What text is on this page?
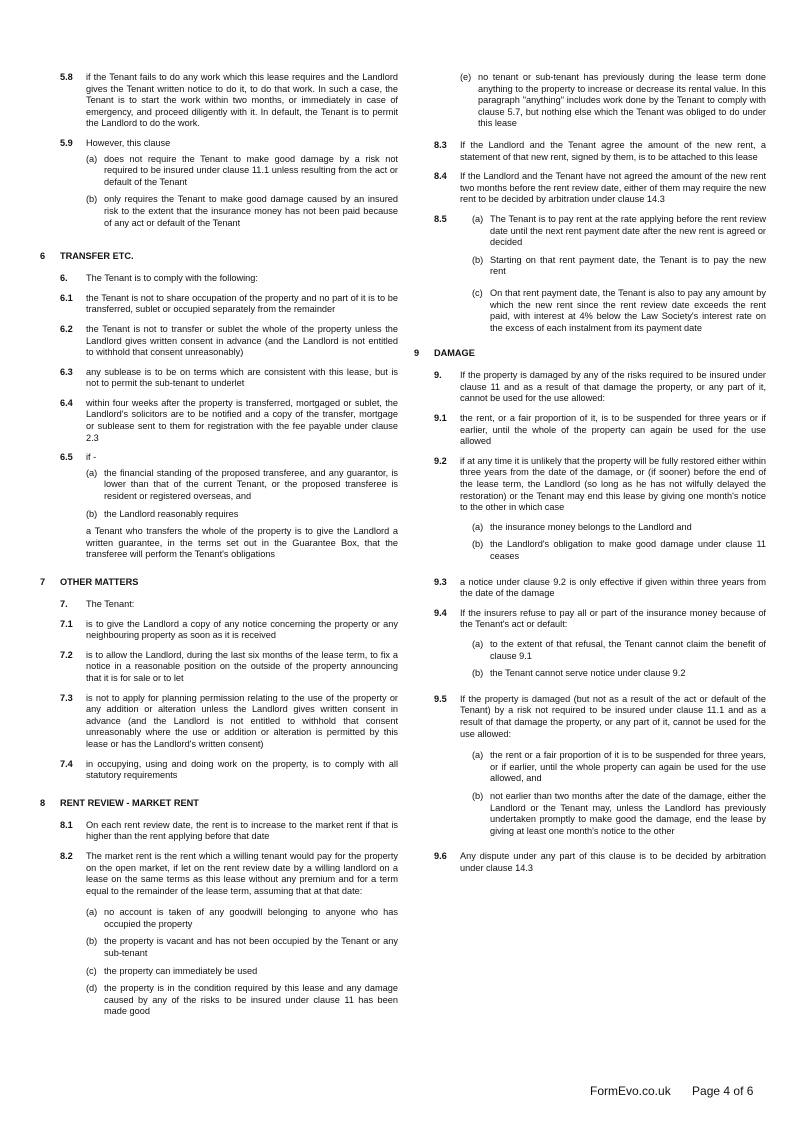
5.8	if the Tenant fails to do any work which this lease requires and the Landlord gives the Tenant written notice to do it, to do that work. In such a case, the Tenant is to start the work within two months, or immediately in case of emergency, and proceed diligently with it. In default, the Tenant is to permit the Landlord to do the work.
5.9	However, this clause
(a) does not require the Tenant to make good damage by a risk not required to be insured under clause 11.1 unless resulting from the act or default of the Tenant
(b) only requires the Tenant to make good damage caused by an insured risk to the extent that the insurance money has not been paid because of any act or default of the Tenant
6	TRANSFER ETC.
6.	The Tenant is to comply with the following:
6.1	the Tenant is not to share occupation of the property and no part of it is to be transferred, sublet or occupied separately from the remainder
6.2	the Tenant is not to transfer or sublet the whole of the property unless the Landlord gives written consent in advance (and the Landlord is not entitled to withhold that consent unreasonably)
6.3	any sublease is to be on terms which are consistent with this lease, but is not to permit the sub-tenant to underlet
6.4	within four weeks after the property is transferred, mortgaged or sublet, the Landlord's solicitors are to be notified and a copy of the transfer, mortgage or sublease sent to them for registration with the fee payable under clause 2.3
6.5	if -
(a) the financial standing of the proposed transferee, and any guarantor, is lower than that of the current Tenant, or the proposed transferee is resident or registered overseas, and
(b) the Landlord reasonably requires
a Tenant who transfers the whole of the property is to give the Landlord a written guarantee, in the terms set out in the Guarantee Box, that the transferee will perform the Tenant's obligations
7	OTHER MATTERS
7.	The Tenant:
7.1	is to give the Landlord a copy of any notice concerning the property or any neighbouring property as soon as it is received
7.2	is to allow the Landlord, during the last six months of the lease term, to fix a notice in a reasonable position on the outside of the property announcing that it is for sale or to let
7.3	is not to apply for planning permission relating to the use of the property or any addition or alteration unless the Landlord gives written consent in advance (and the Landlord is not entitled to withhold that consent unreasonably where the use or addition or alteration is permitted by this lease or has the Landlord's written consent)
7.4	in occupying, using and doing work on the property, is to comply with all statutory requirements
8	RENT REVIEW - MARKET RENT
8.1	On each rent review date, the rent is to increase to the market rent if that is higher than the rent applying before that date
8.2	The market rent is the rent which a willing tenant would pay for the property on the open market, if let on the rent review date by a willing landlord on a lease on the same terms as this lease without any premium and for a term equal to the remainder of the lease term, assuming that at that date:
(a) no account is taken of any goodwill belonging to anyone who has occupied the property
(b) the property is vacant and has not been occupied by the Tenant or any sub-tenant
(c) the property can immediately be used
(d) the property is in the condition required by this lease and any damage caused by any of the risks to be insured under clause 11 has been made good
(e) no tenant or sub-tenant has previously during the lease term done anything to the property to increase or decrease its rental value. In this paragraph "anything" includes work done by the Tenant to comply with clause 5.7, but nothing else which the Tenant was obliged to do under this lease
8.3	If the Landlord and the Tenant agree the amount of the new rent, a statement of that new rent, signed by them, is to be attached to this lease
8.4	If the Landlord and the Tenant have not agreed the amount of the new rent two months before the rent review date, either of them may require the new rent to be decided by arbitration under clause 14.3
8.5	(a) The Tenant is to pay rent at the rate applying before the rent review date until the next rent payment date after the new rent is agreed or decided
(b) Starting on that rent payment date, the Tenant is to pay the new rent
(c) On that rent payment date, the Tenant is also to pay any amount by which the new rent since the rent review date exceeds the rent paid, with interest at 4% below the Law Society's interest rate on the excess of each instalment from its payment date
9	DAMAGE
9.	If the property is damaged by any of the risks required to be insured under clause 11 and as a result of that damage the property, or any part of it, cannot be used for the use allowed:
9.1	the rent, or a fair proportion of it, is to be suspended for three years or if earlier, until the whole of the property can again be used for the use allowed
9.2	if at any time it is unlikely that the property will be fully restored either within three years from the date of the damage, or (if sooner) before the end of the lease term, the Landlord (so long as he has not wilfully delayed the restoration) or the Tenant may end this lease by giving one month's notice to the other in which case
(a) the insurance money belongs to the Landlord and
(b) the Landlord's obligation to make good damage under clause 11 ceases
9.3	a notice under clause 9.2 is only effective if given within three years from the date of the damage
9.4	If the insurers refuse to pay all or part of the insurance money because of the Tenant's act or default:
(a) to the extent of that refusal, the Tenant cannot claim the benefit of clause 9.1
(b) the Tenant cannot serve notice under clause 9.2
9.5	If the property is damaged (but not as a result of the act or default of the Tenant) by a risk not required to be insured under clause 11.1 and as a result of that damage the property, or any part of it, cannot be used for the use allowed:
(a) the rent or a fair proportion of it is to be suspended for three years, or if earlier, until the whole property can again be used for the use allowed, and
(b) not earlier than two months after the date of the damage, either the Landlord or the Tenant may, unless the Landlord has previously undertaken promptly to make good the damage, end the lease by giving at least one month's notice to the other
9.6	Any dispute under any part of this clause is to be decided by arbitration under clause 14.3
FormEvo.co.uk Page 4 of 6
